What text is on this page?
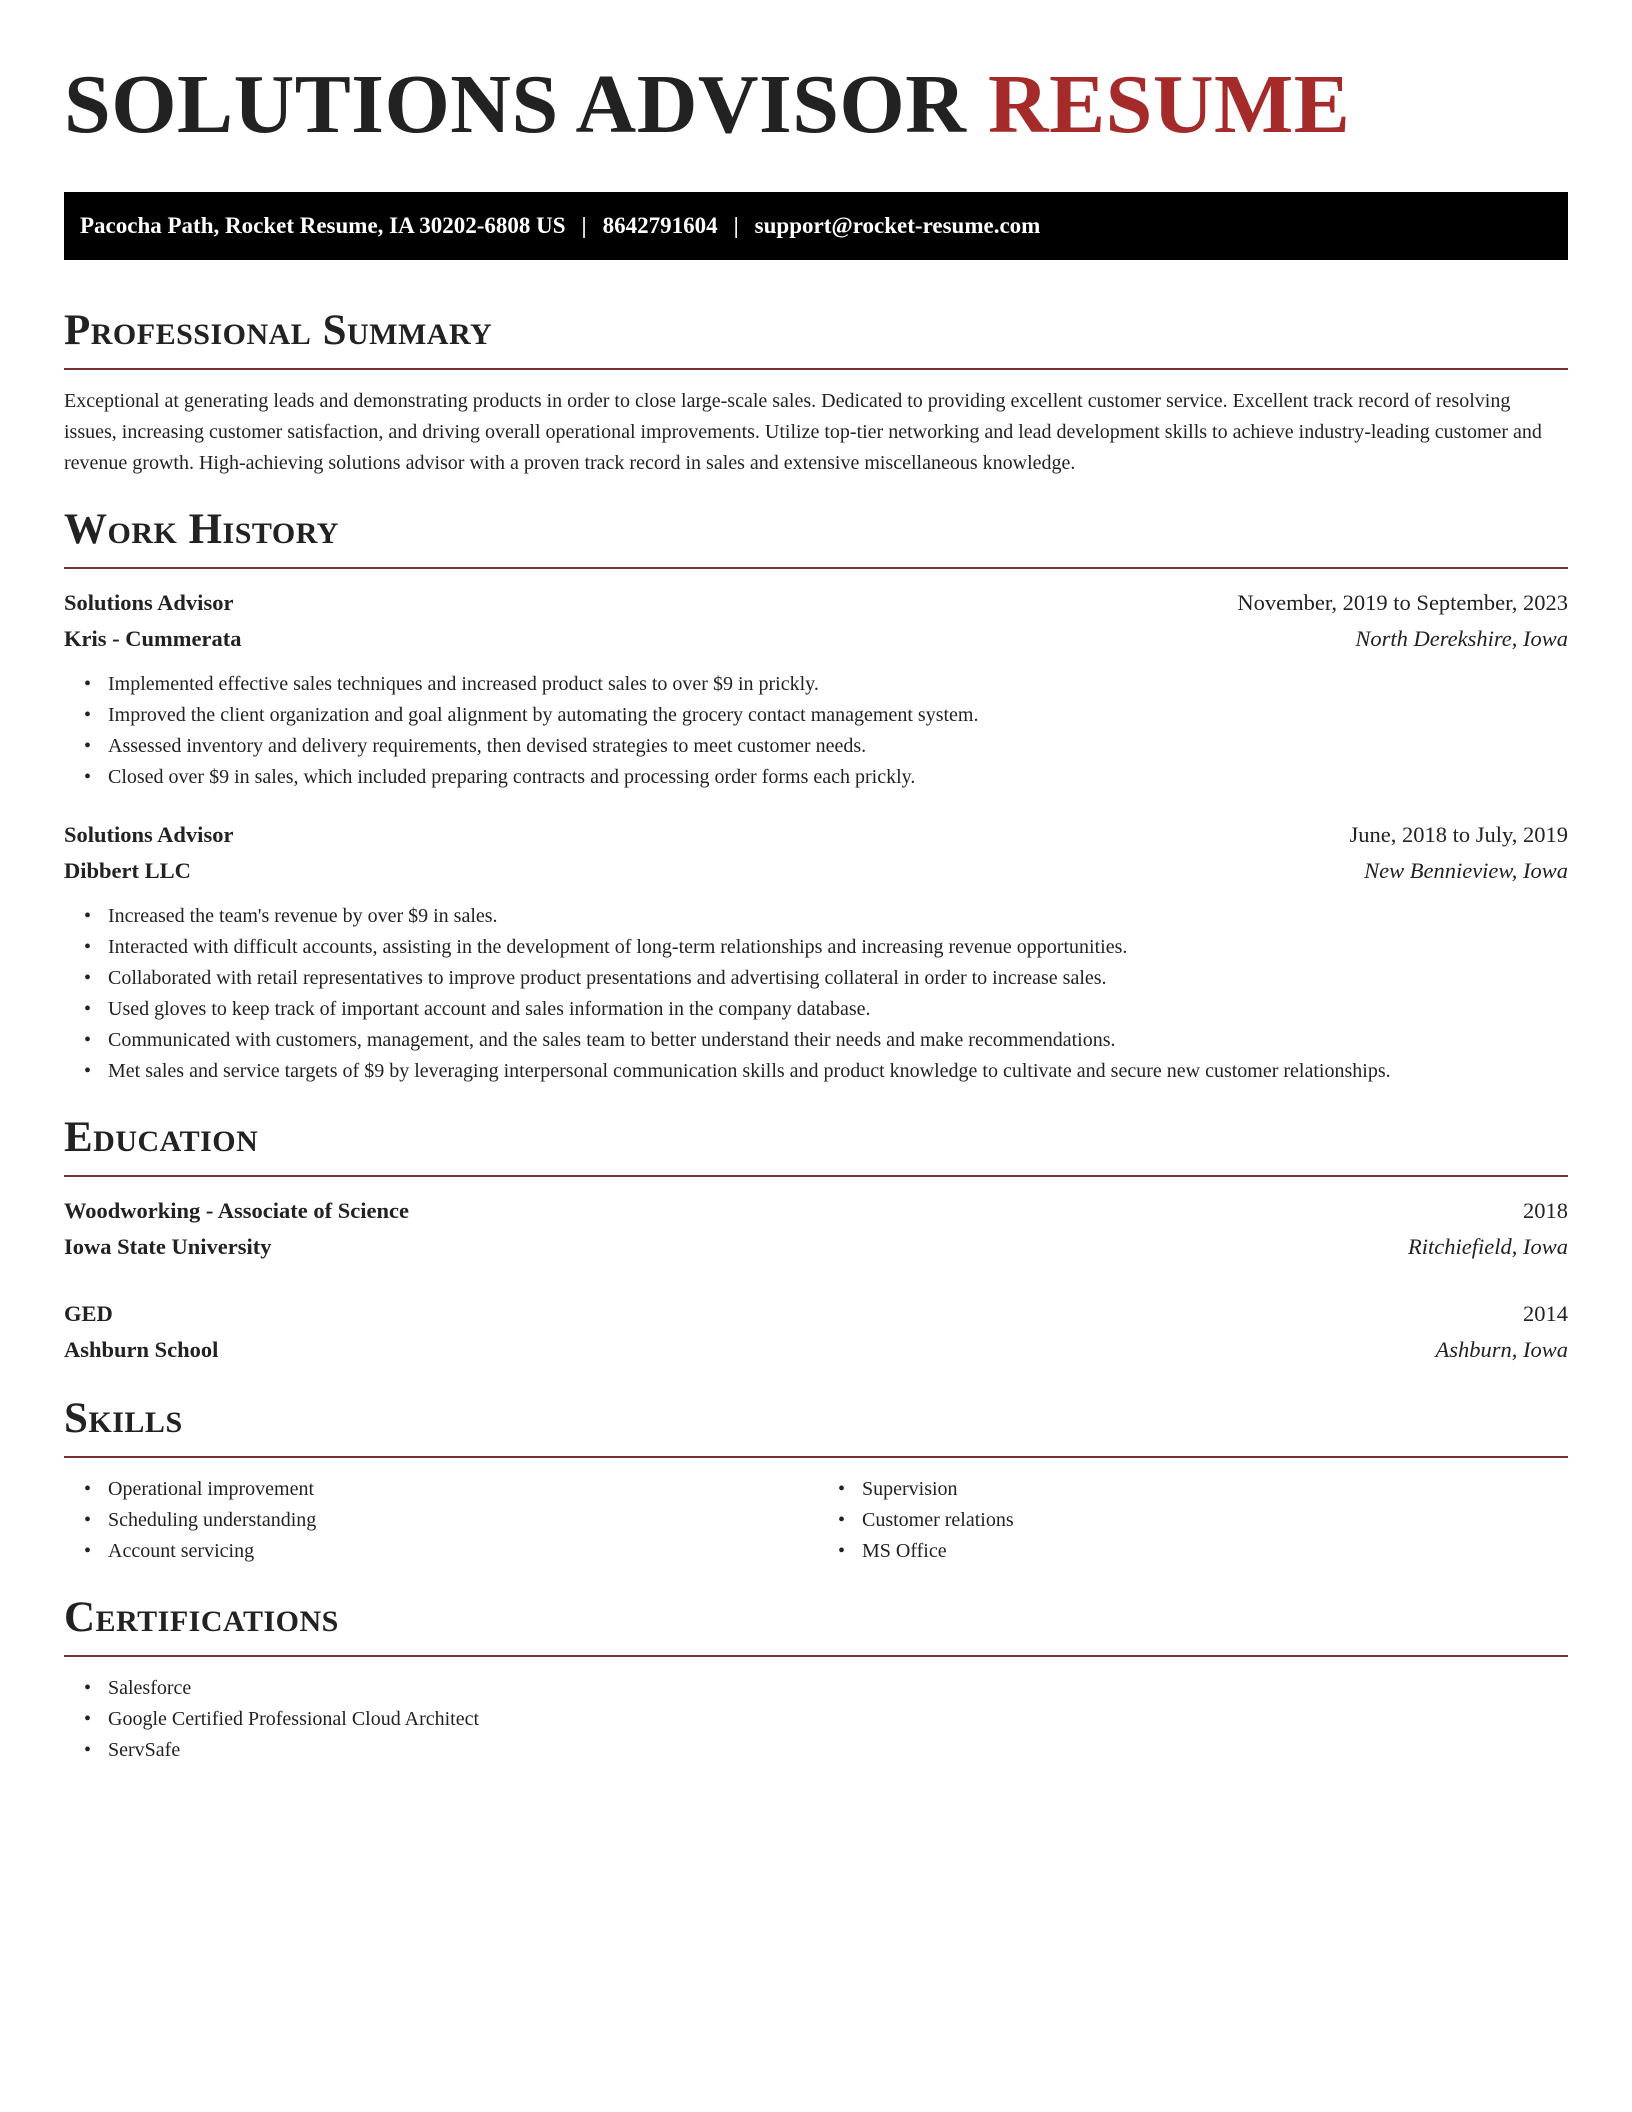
SOLUTIONS ADVISOR RESUME
Pacocha Path, Rocket Resume, IA 30202-6808 US | 8642791604 | support@rocket-resume.com
Professional Summary

Exceptional at generating leads and demonstrating products in order to close large-scale sales. Dedicated to providing excellent customer service. Excellent track record of resolving issues, increasing customer satisfaction, and driving overall operational improvements. Utilize top-tier networking and lead development skills to achieve industry-leading customer and revenue growth. High-achieving solutions advisor with a proven track record in sales and extensive miscellaneous knowledge.

Work History
Solutions Advisor	November, 2019 to September, 2023
Kris - Cummerata	North Derekshire, Iowa
• Implemented effective sales techniques and increased product sales to over $9 in prickly.
• Improved the client organization and goal alignment by automating the grocery contact management system.
• Assessed inventory and delivery requirements, then devised strategies to meet customer needs.
• Closed over $9 in sales, which included preparing contracts and processing order forms each prickly.
Solutions Advisor	June, 2018 to July, 2019
Dibbert LLC	New Bennieview, Iowa
• Increased the team's revenue by over $9 in sales.
• Interacted with difficult accounts, assisting in the development of long-term relationships and increasing revenue opportunities.
• Collaborated with retail representatives to improve product presentations and advertising collateral in order to increase sales.
• Used gloves to keep track of important account and sales information in the company database.
• Communicated with customers, management, and the sales team to better understand their needs and make recommendations.
• Met sales and service targets of $9 by leveraging interpersonal communication skills and product knowledge to cultivate and secure new customer relationships.
Education
Woodworking - Associate of Science	2018
Iowa State University	Ritchiefield, Iowa
GED	2014
Ashburn School	Ashburn, Iowa
Skills
• Operational improvement
• Scheduling understanding
• Account servicing
• Supervision
• Customer relations
• MS Office
Certifications
• Salesforce
• Google Certified Professional Cloud Architect
• ServSafe
